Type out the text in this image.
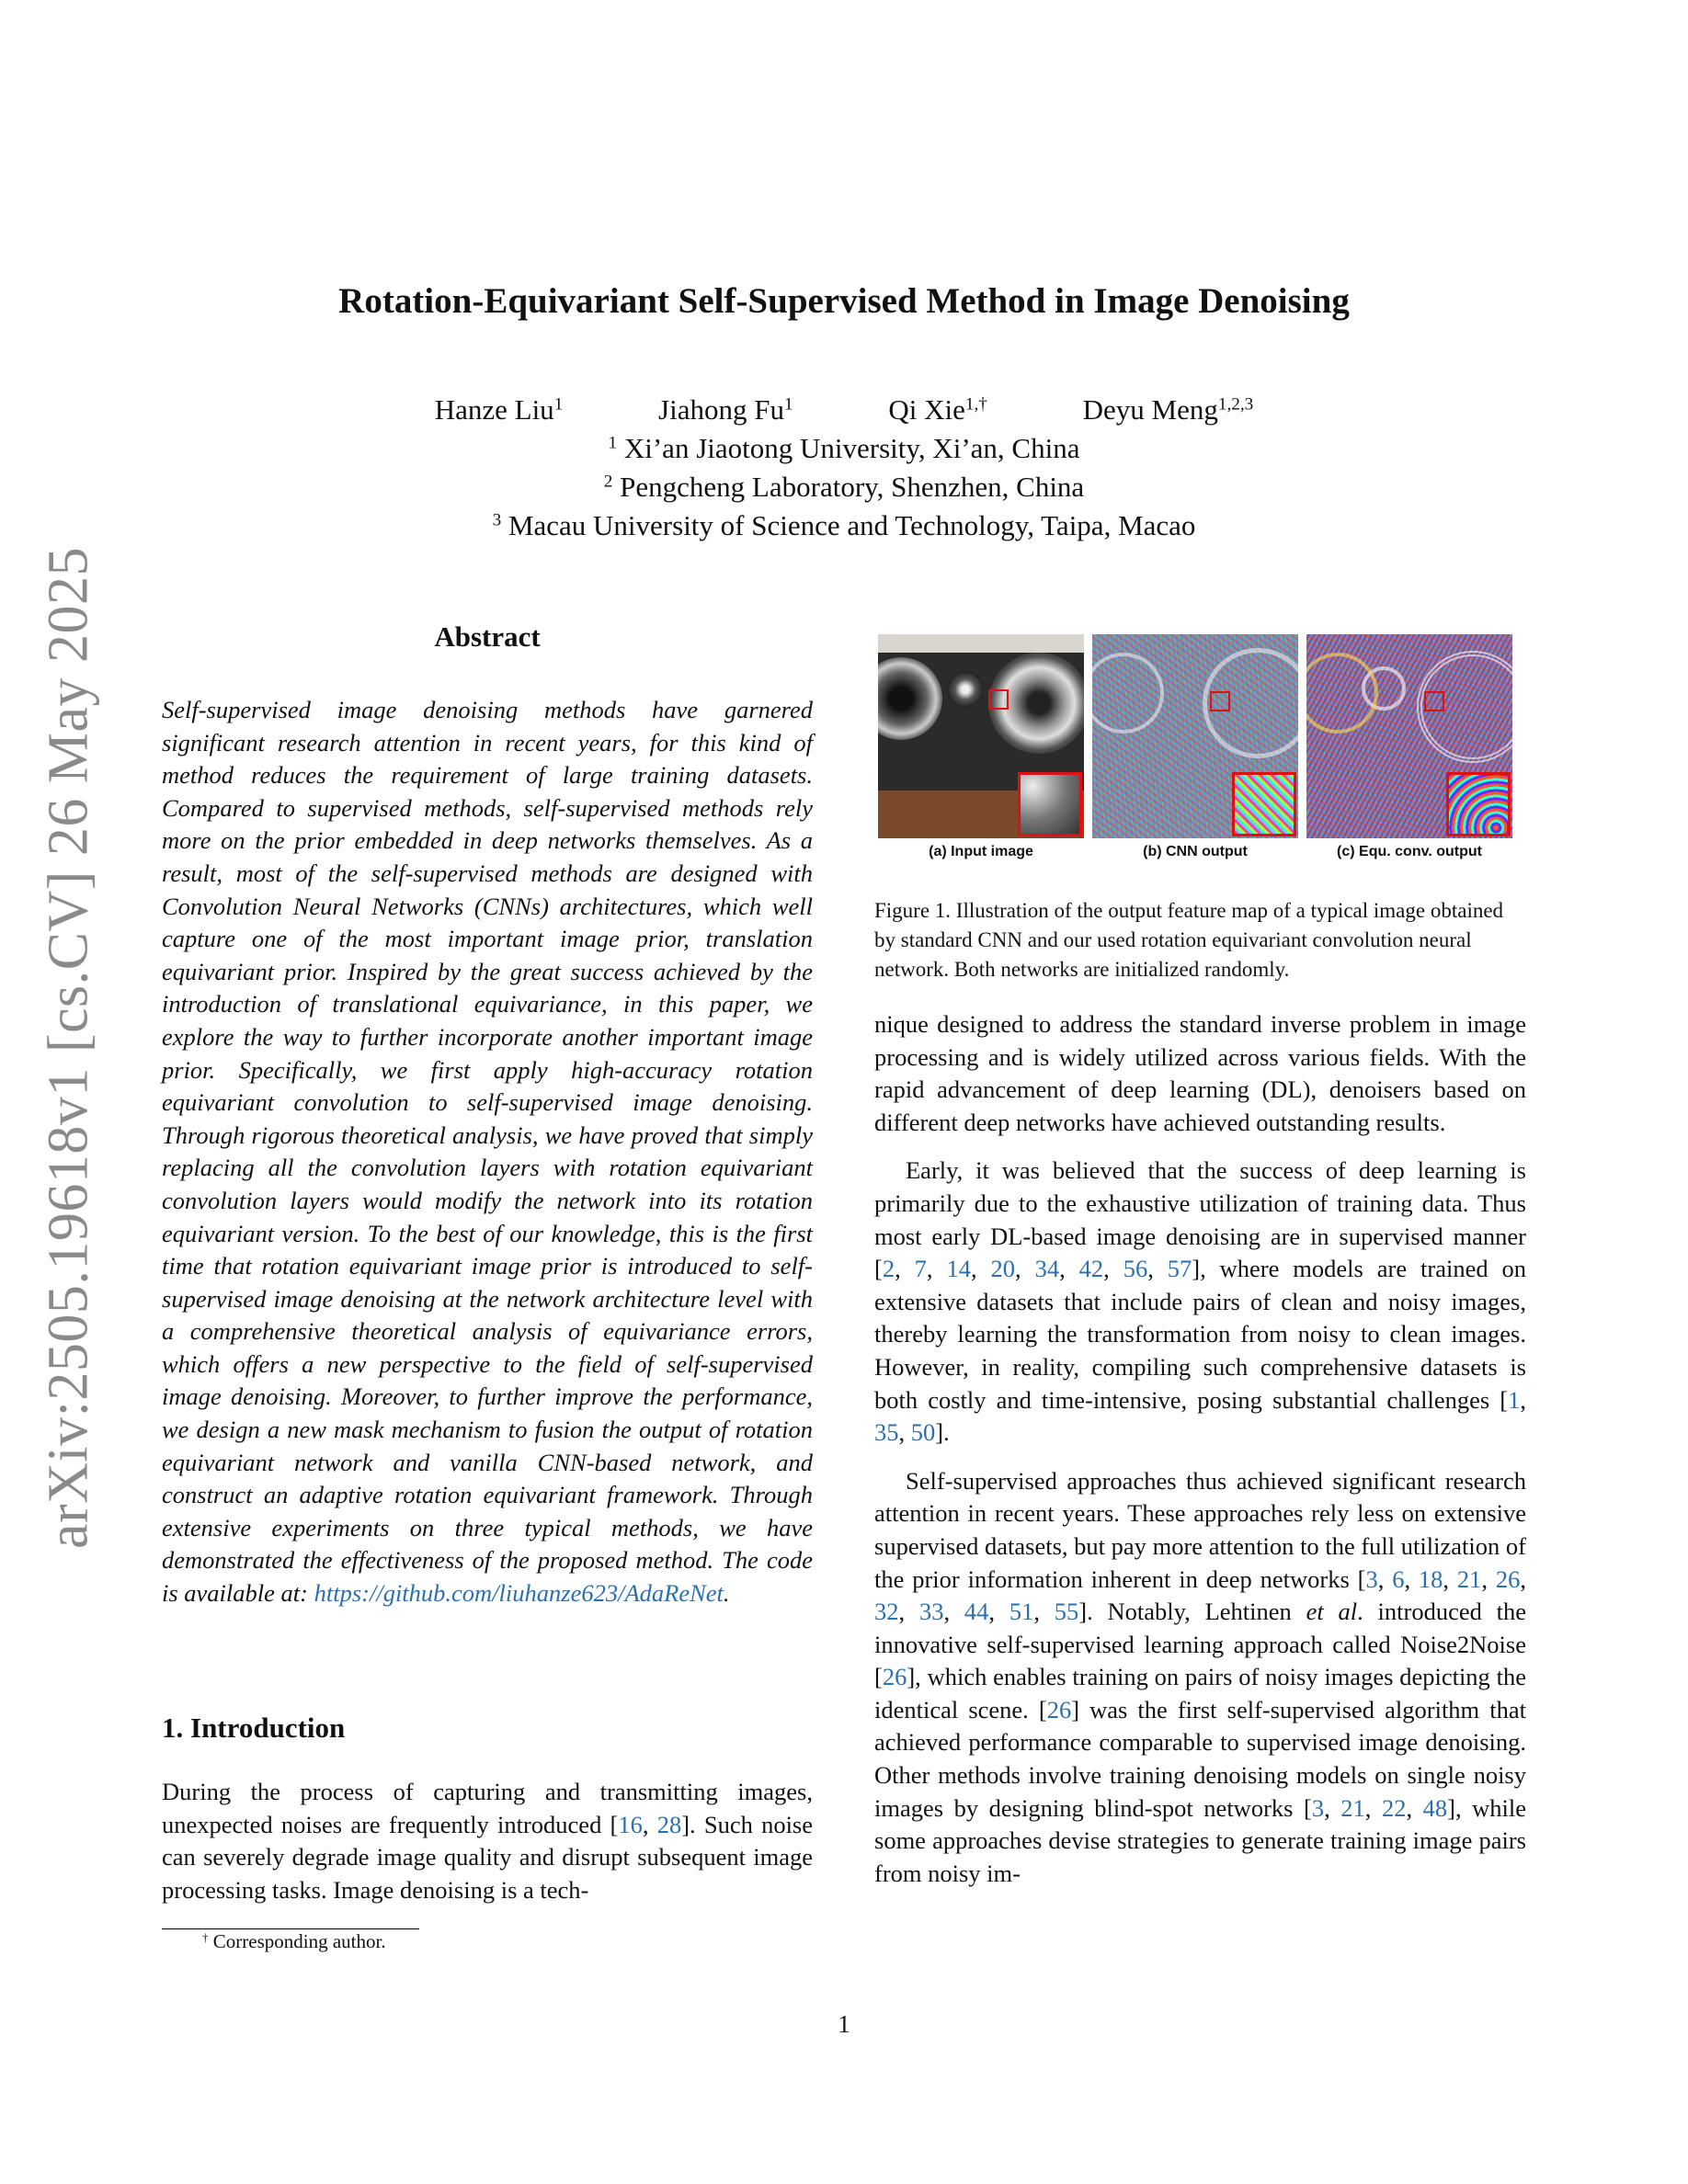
arXiv:2505.19618v1 [cs.CV] 26 May 2025
Rotation-Equivariant Self-Supervised Method in Image Denoising
Hanze Liu$^1$	Jiahong Fu$^1$	Qi Xie$^{1,\dagger}$	Deyu Meng$^{1,2,3}$
$^1$ Xi’an Jiaotong University, Xi’an, China
$^2$ Pengcheng Laboratory, Shenzhen, China
$^3$ Macau University of Science and Technology, Taipa, Macao
Abstract
Self-supervised image denoising methods have garnered significant research attention in recent years, for this kind of method reduces the requirement of large training datasets. Compared to supervised methods, self-supervised methods rely more on the prior embedded in deep networks themselves. As a result, most of the self-supervised methods are designed with Convolution Neural Networks (CNNs) architectures, which well capture one of the most important image prior, translation equivariant prior. Inspired by the great success achieved by the introduction of translational equivariance, in this paper, we explore the way to further incorporate another important image prior. Specifically, we first apply high-accuracy rotation equivariant convolution to self-supervised image denoising. Through rigorous theoretical analysis, we have proved that simply replacing all the convolution layers with rotation equivariant convolution layers would modify the network into its rotation equivariant version. To the best of our knowledge, this is the first time that rotation equivariant image prior is introduced to self-supervised image denoising at the network architecture level with a comprehensive theoretical analysis of equivariance errors, which offers a new perspective to the field of self-supervised image denoising. Moreover, to further improve the performance, we design a new mask mechanism to fusion the output of rotation equivariant network and vanilla CNN-based network, and construct an adaptive rotation equivariant framework. Through extensive experiments on three typical methods, we have demonstrated the effectiveness of the proposed method. The code is available at: https://github.com/liuhanze623/AdaReNet.
1. Introduction
During the process of capturing and transmitting images, unexpected noises are frequently introduced [16, 28]. Such noise can severely degrade image quality and disrupt subsequent image processing tasks. Image denoising is a tech-
† Corresponding author.
(a) Input image	(b) CNN output	(c) Equ. conv. output
Figure 1. Illustration of the output feature map of a typical image obtained by standard CNN and our used rotation equivariant convolution neural network. Both networks are initialized randomly.

nique designed to address the standard inverse problem in image processing and is widely utilized across various fields. With the rapid advancement of deep learning (DL), denoisers based on different deep networks have achieved outstanding results.

Early, it was believed that the success of deep learning is primarily due to the exhaustive utilization of training data. Thus most early DL-based image denoising are in supervised manner [2, 7, 14, 20, 34, 42, 56, 57], where models are trained on extensive datasets that include pairs of clean and noisy images, thereby learning the transformation from noisy to clean images. However, in reality, compiling such comprehensive datasets is both costly and time-intensive, posing substantial challenges [1, 35, 50].

Self-supervised approaches thus achieved significant research attention in recent years. These approaches rely less on extensive supervised datasets, but pay more attention to the full utilization of the prior information inherent in deep networks [3, 6, 18, 21, 26, 32, 33, 44, 51, 55]. Notably, Lehtinen et al. introduced the innovative self-supervised learning approach called Noise2Noise [26], which enables training on pairs of noisy images depicting the identical scene. [26] was the first self-supervised algorithm that achieved performance comparable to supervised image denoising. Other methods involve training denoising models on single noisy images by designing blind-spot networks [3, 21, 22, 48], while some approaches devise strategies to generate training image pairs from noisy im-

1
